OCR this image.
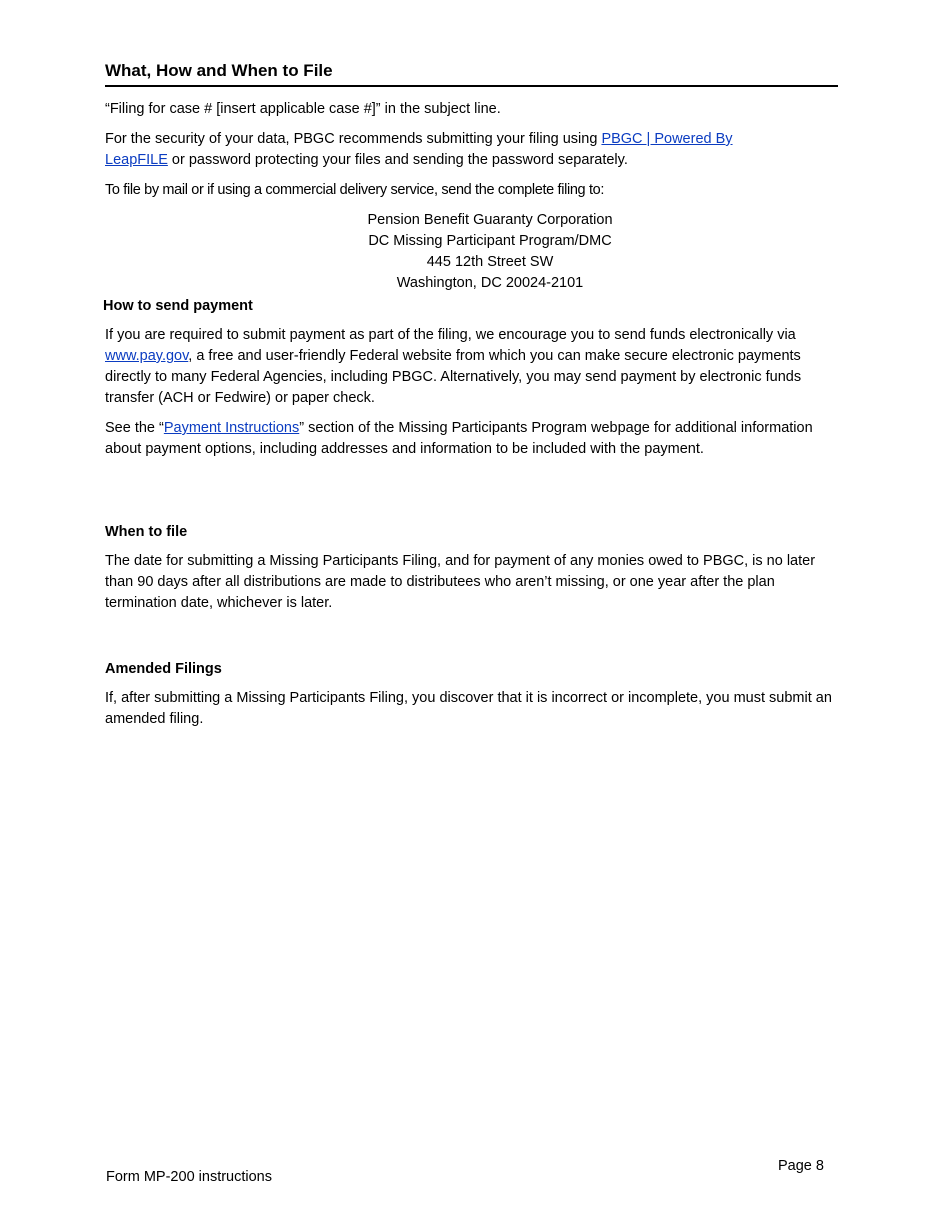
What, How and When to File
“Filing for case # [insert applicable case #]” in the subject line.
For the security of your data, PBGC recommends submitting your filing using PBGC | Powered By
LeapFILE or password protecting your files and sending the password separately.
To file by mail or if using a commercial delivery service, send the complete filing to:
Pension Benefit Guaranty Corporation
DC Missing Participant Program/DMC
445 12th Street SW
Washington, DC 20024-2101
How to send payment
If you are required to submit payment as part of the filing, we encourage you to send funds electronically via www.pay.gov, a free and user-friendly Federal website from which you can make secure electronic payments directly to many Federal Agencies, including PBGC. Alternatively, you may send payment by electronic funds transfer (ACH or Fedwire) or paper check.
See the “Payment Instructions” section of the Missing Participants Program webpage for additional information about payment options, including addresses and information to be included with the payment.
When to file
The date for submitting a Missing Participants Filing, and for payment of any monies owed to PBGC, is no later than 90 days after all distributions are made to distributees who aren’t missing, or one year after the plan termination date, whichever is later.
Amended Filings
If, after submitting a Missing Participants Filing, you discover that it is incorrect or incomplete, you must submit an amended filing.
Form MP-200 instructions
Page 8
